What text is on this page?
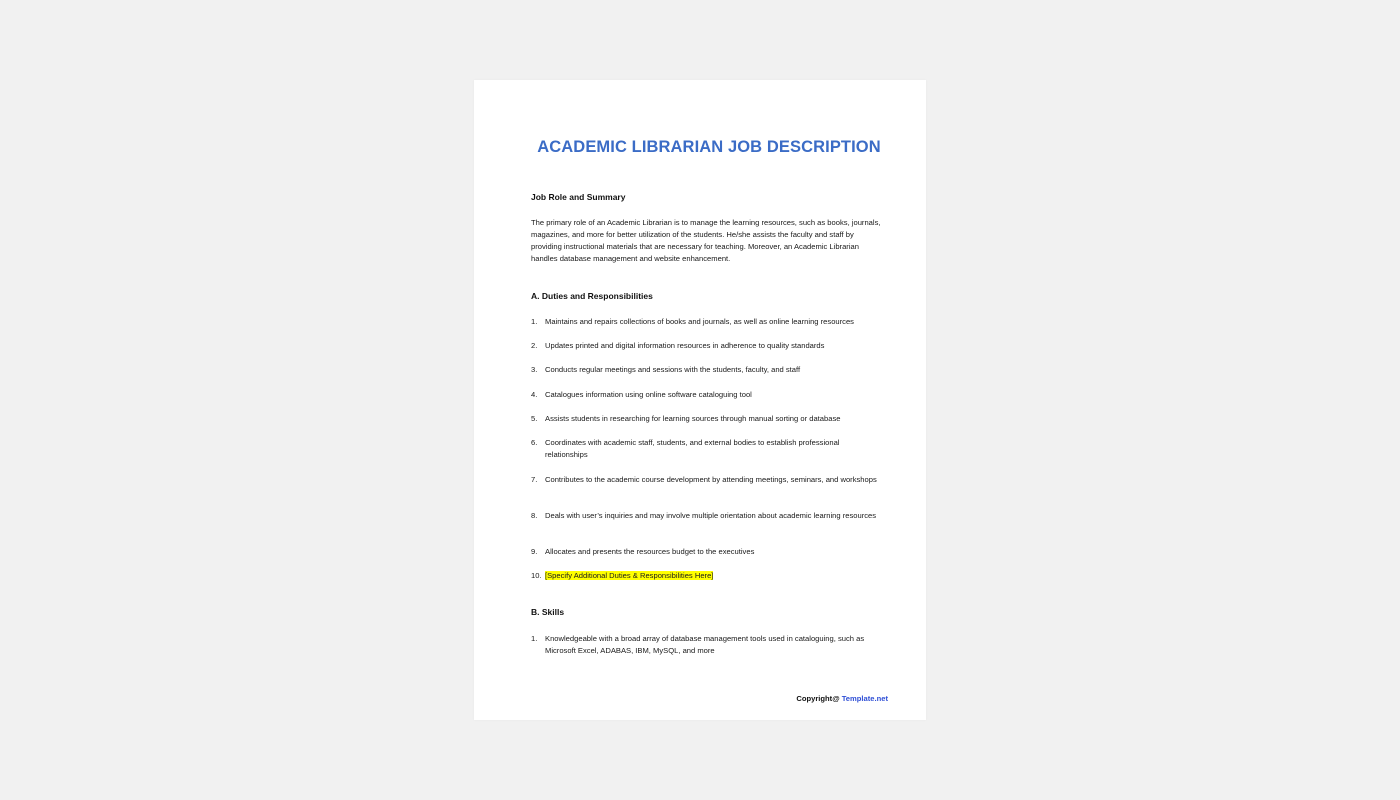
ACADEMIC LIBRARIAN JOB DESCRIPTION
Job Role and Summary
The primary role of an Academic Librarian is to manage the learning resources, such as books, journals, magazines, and more for better utilization of the students. He/she assists the faculty and staff by providing instructional materials that are necessary for teaching. Moreover, an Academic Librarian handles database management and website enhancement.
A. Duties and Responsibilities
1. Maintains and repairs collections of books and journals, as well as online learning resources
2. Updates printed and digital information resources in adherence to quality standards
3. Conducts regular meetings and sessions with the students, faculty, and staff
4. Catalogues information using online software cataloguing tool
5. Assists students in researching for learning sources through manual sorting or database
6. Coordinates with academic staff, students, and external bodies to establish professional relationships
7. Contributes to the academic course development by attending meetings, seminars, and workshops
8. Deals with user’s inquiries and may involve multiple orientation about academic learning resources
9. Allocates and presents the resources budget to the executives
10. [Specify Additional Duties & Responsibilities Here]
B. Skills
1. Knowledgeable with a broad array of database management tools used in cataloguing, such as Microsoft Excel, ADABAS, IBM, MySQL, and more
Copyright@ Template.net
